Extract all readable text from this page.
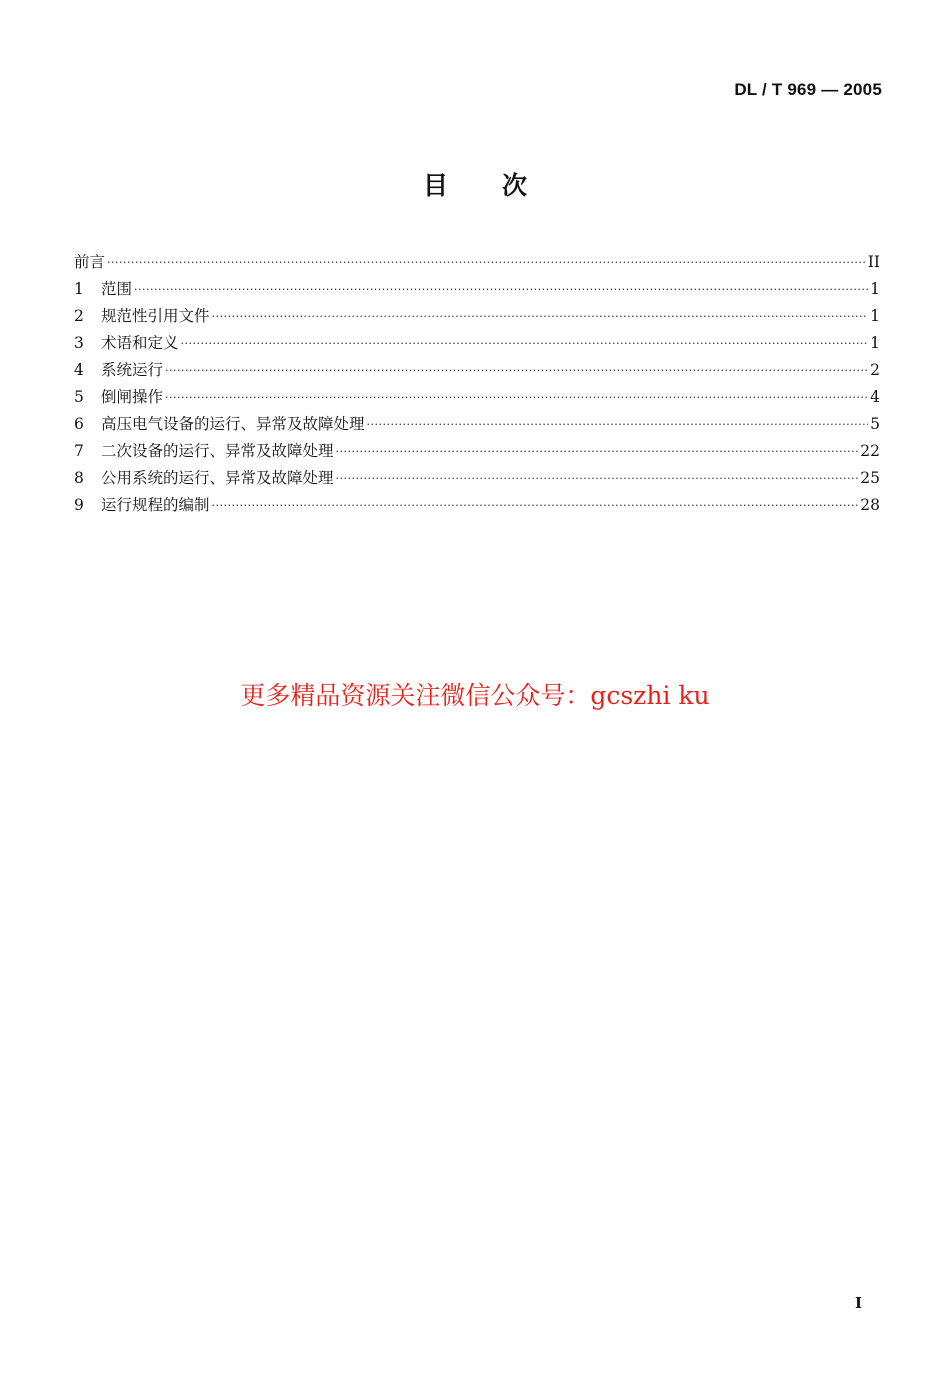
DL / T 969 — 2005
目 次
前言 ·····	II
1	范围 ·····	1
2	规范性引用文件 ·····	1
3	术语和定义 ·····	1
4	系统运行 ·····	2
5	倒闸操作 ·····	4
6	高压电气设备的运行、异常及故障处理 ·····	5
7	二次设备的运行、异常及故障处理 ·····	22
8	公用系统的运行、异常及故障处理 ·····	25
9	运行规程的编制 ·····	28
更多精品资源关注微信公众号：gcszhi ku
I
